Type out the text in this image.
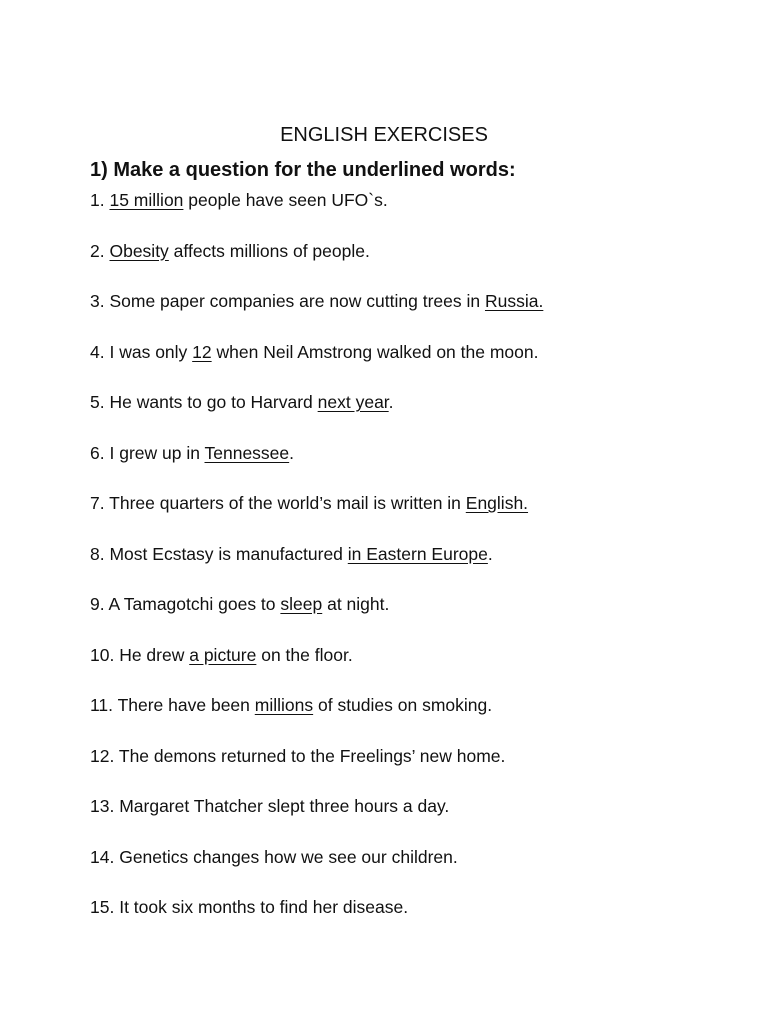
ENGLISH EXERCISES
1) Make a question for the underlined words:
1. 15 million people have seen UFO`s.
2. Obesity affects millions of people.
3. Some paper companies are now cutting trees in Russia.
4. I was only 12 when Neil Amstrong walked on the moon.
5. He wants to go to Harvard next year.
6. I grew up in Tennessee.
7. Three quarters of the world’s mail is written in English.
8. Most Ecstasy is manufactured in Eastern Europe.
9. A Tamagotchi goes to sleep at night.
10. He drew a picture on the floor.
11. There have been millions of studies on smoking.
12. The demons returned to the Freelings’ new home.
13. Margaret Thatcher slept three hours a day.
14. Genetics changes how we see our children.
15. It took six months to find her disease.
